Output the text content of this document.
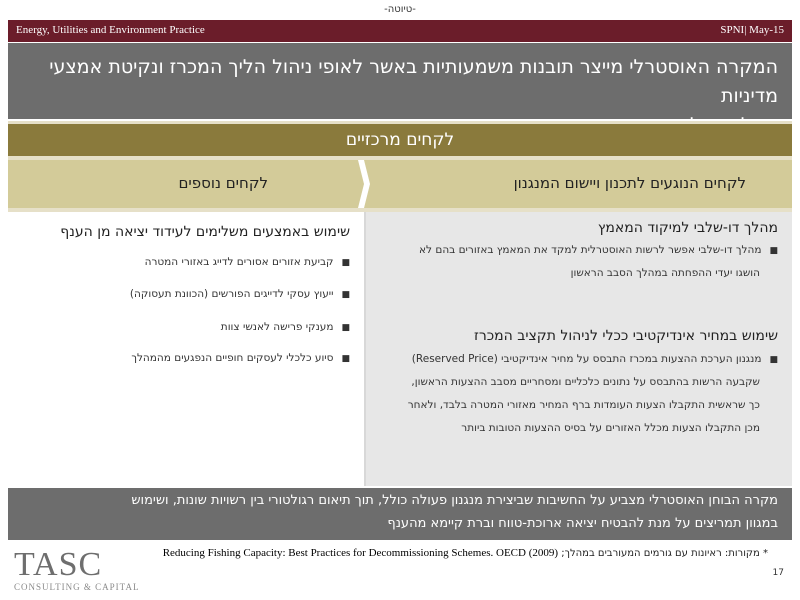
-טיוטה-
Energy, Utilities and Environment Practice	SPNI| May-15
המקרה האוסטרלי מייצר תובנות משמעותיות באשר לאופי ניהול הליך המכרז ונקיטת אמצעי מדיניות
לקחים מרכזיים
לקחים נוספים	לקחים הנוגעים לתכנון ויישום המנגנון
שימוש באמצעים משלימים לעידוד יציאה מן הענף
■קביעת אזורים אסורים לדייג באזורי המטרה
■ייעוץ עסקי לדייגים הפורשים (הכוונת תעסוקה)
■מענקי פרישה לאנשי צוות
■סיוע כלכלי לעסקים חופיים הנפגעים מהמהלך
מהלך דו-שלבי למיקוד המאמץ
■מהלך דו-שלבי אפשר לרשות האוסטרלית למקד את המאמץ באזורים בהם לא
הושגו יעדי ההפחתה במהלך הסבב הראשון
שימוש במחיר אינדיקטיבי ככלי לניהול תקציב המכרז
■מנגנון הערכת ההצעות במכרז התבסס על מחיר אינדיקטיבי (Reserved Price)
שקבעה הרשות בהתבסס על נתונים כלכליים ומסחריים מסבב ההצעות הראשון,
כך שראשית התקבלו הצעות העומדות ברף המחיר מאזורי המטרה בלבד, ולאחר
מכן התקבלו הצעות מכלל האזורים על בסיס ההצעות הטובות ביותר
מקרה הבוחן האוסטרלי מצביע על החשיבות שביצירת מנגנון פעולה כולל, תוך תיאום רגולטורי בין רשויות שונות, ושימוש
במגוון תמריצים על מנת להבטיח יציאה ארוכת-טווח וברת קיימא מהענף
TASC
CONSULTING & CAPITAL
* מקורות: ראיונות עם גורמים המעורבים במהלך; Reducing Fishing Capacity: Best Practices for Decommissioning Schemes. OECD (2009)
17
